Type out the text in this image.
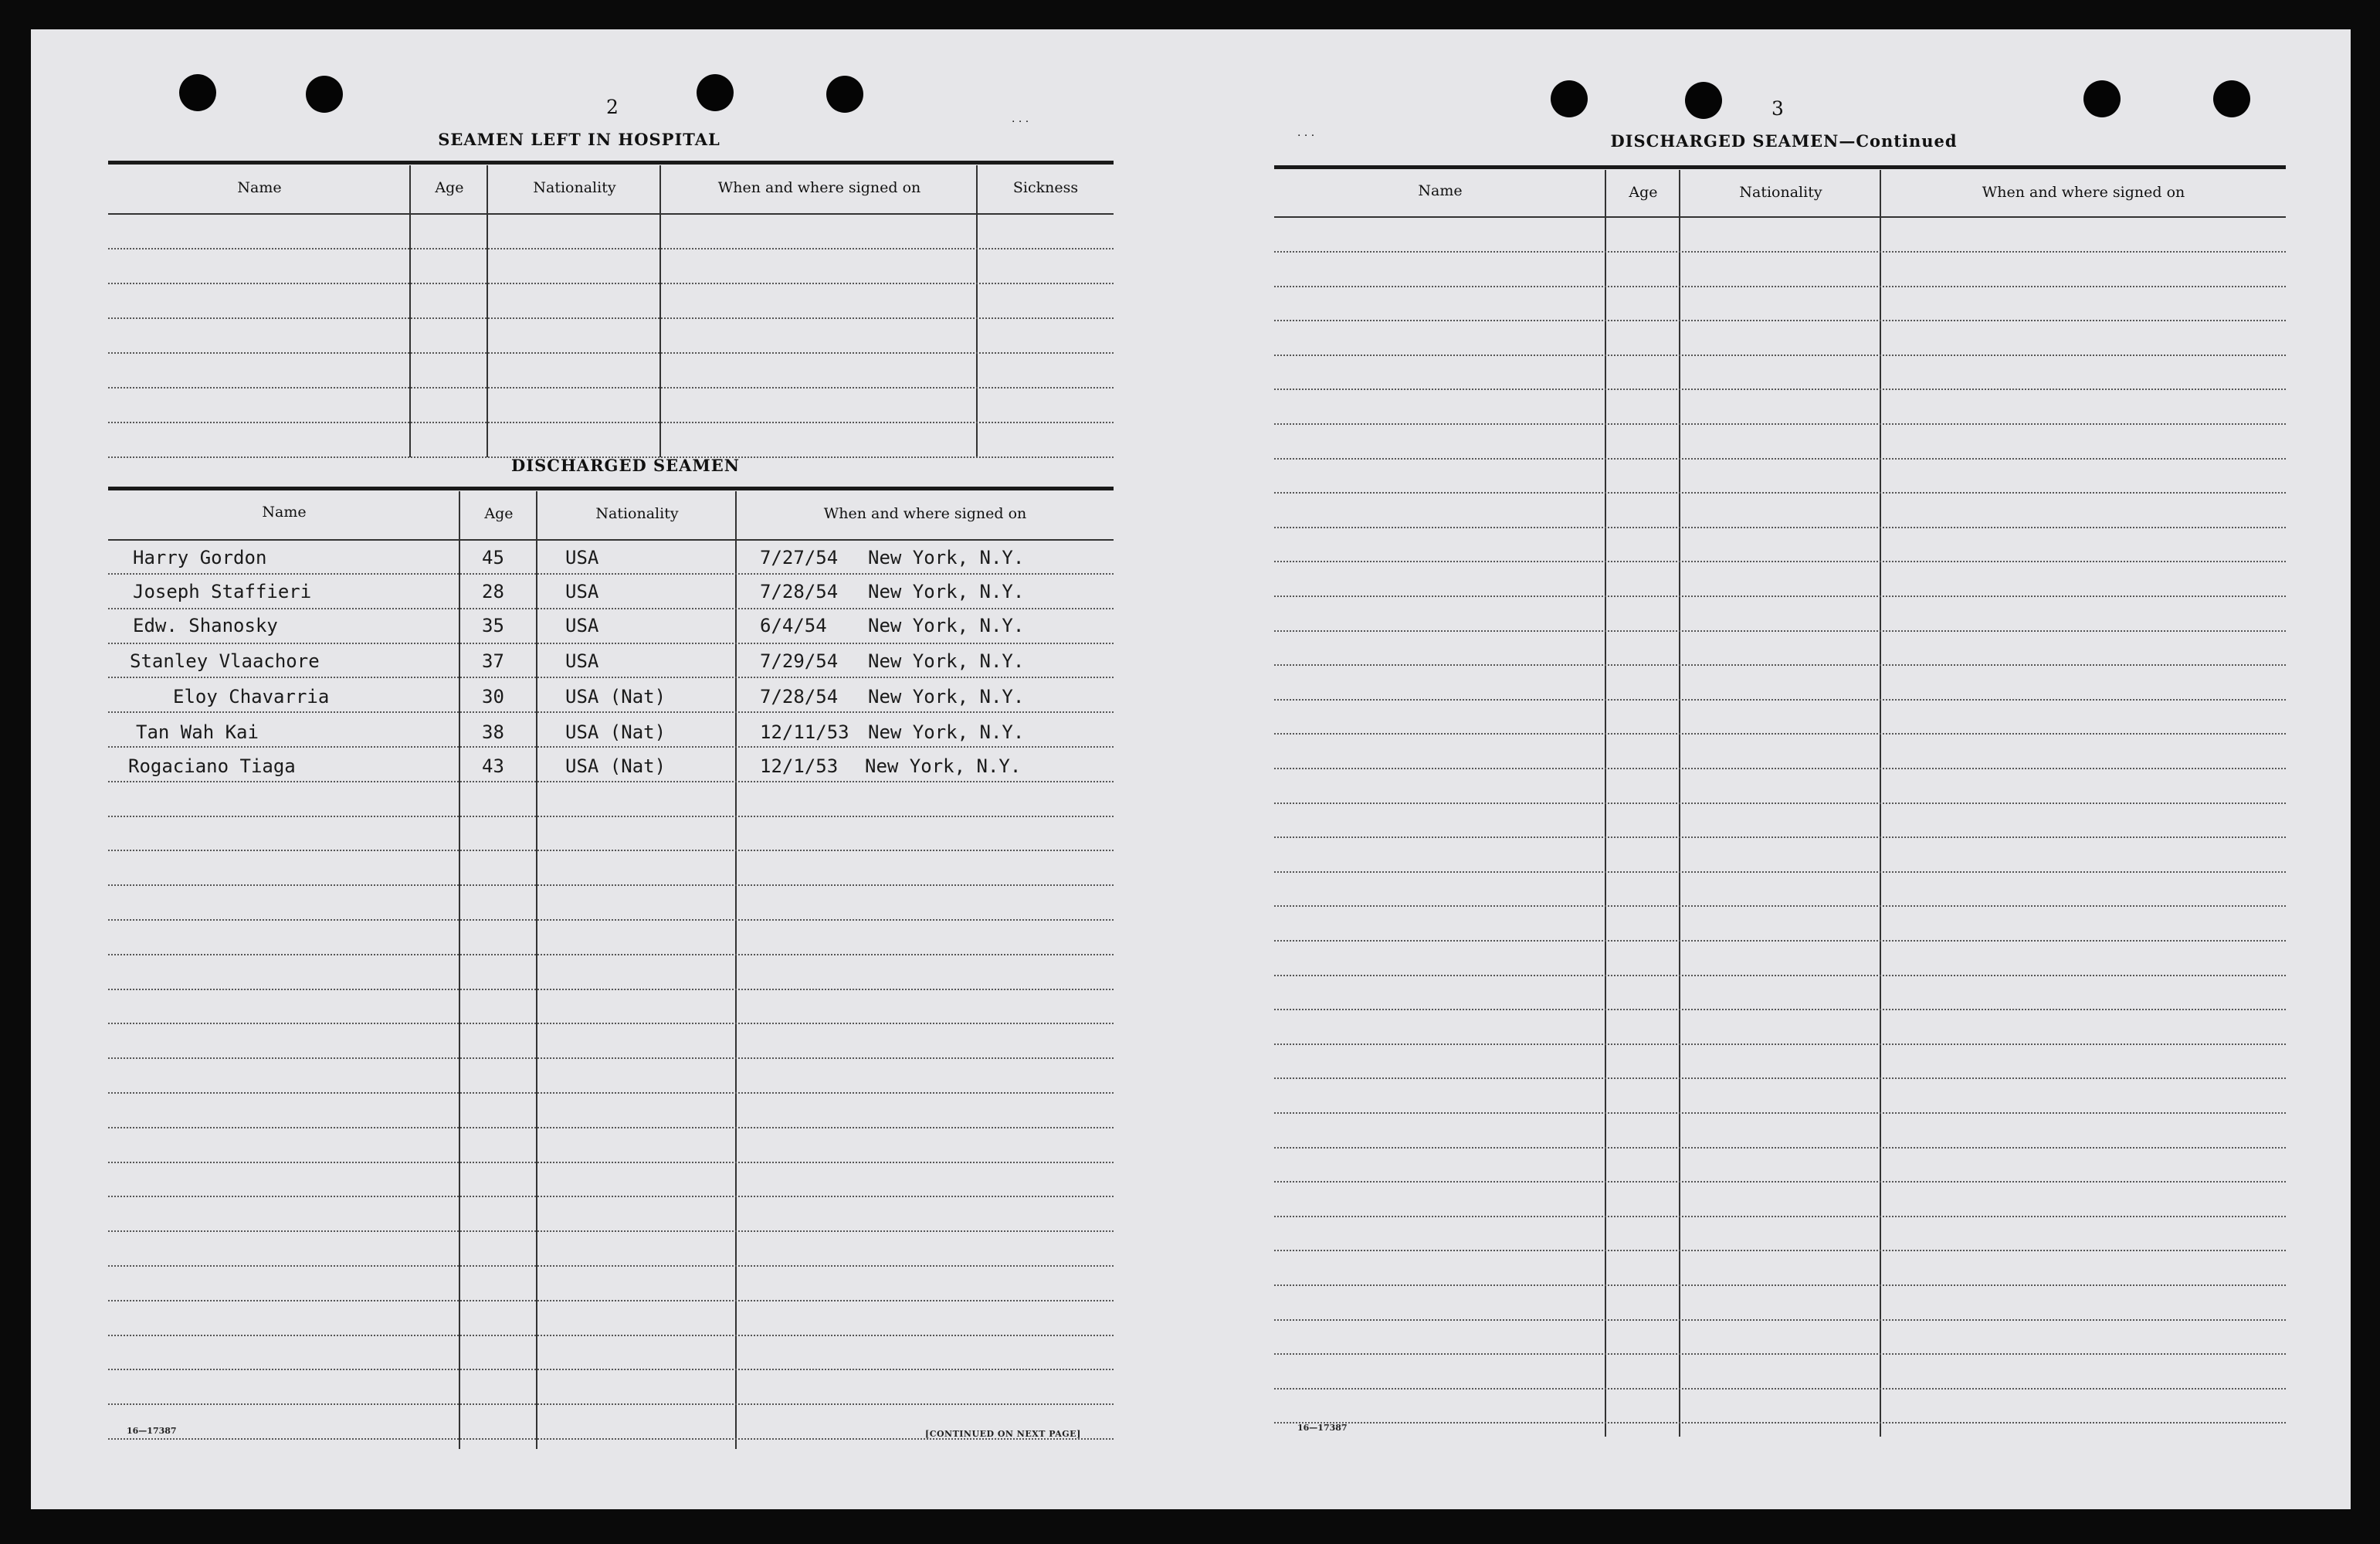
2
· · ·
SEAMEN LEFT IN HOSPITAL
Name	Age	Nationality	When and where signed on	Sickness
DISCHARGED SEAMEN
Name	Age	Nationality	When and where signed on
Harry Gordon	45	USA	7/27/54 New York, N.Y.
Joseph Staffieri	28	USA	7/28/54 New York, N.Y.
Edw. Shanosky	35	USA	6/4/54 New York, N.Y.
Stanley Vlaachore	37	USA	7/29/54 New York, N.Y.
Eloy Chavarria	30	USA (Nat)	7/28/54 New York, N.Y.
Tan Wah Kai	38	USA (Nat)	12/11/53 New York, N.Y.
Rogaciano Tiaga	43	USA (Nat)	12/1/53 New York, N.Y.
16—17387	[CONTINUED ON NEXT PAGE]
· · ·
3
DISCHARGED SEAMEN—Continued
Name	Age	Nationality	When and where signed on
16—17387
